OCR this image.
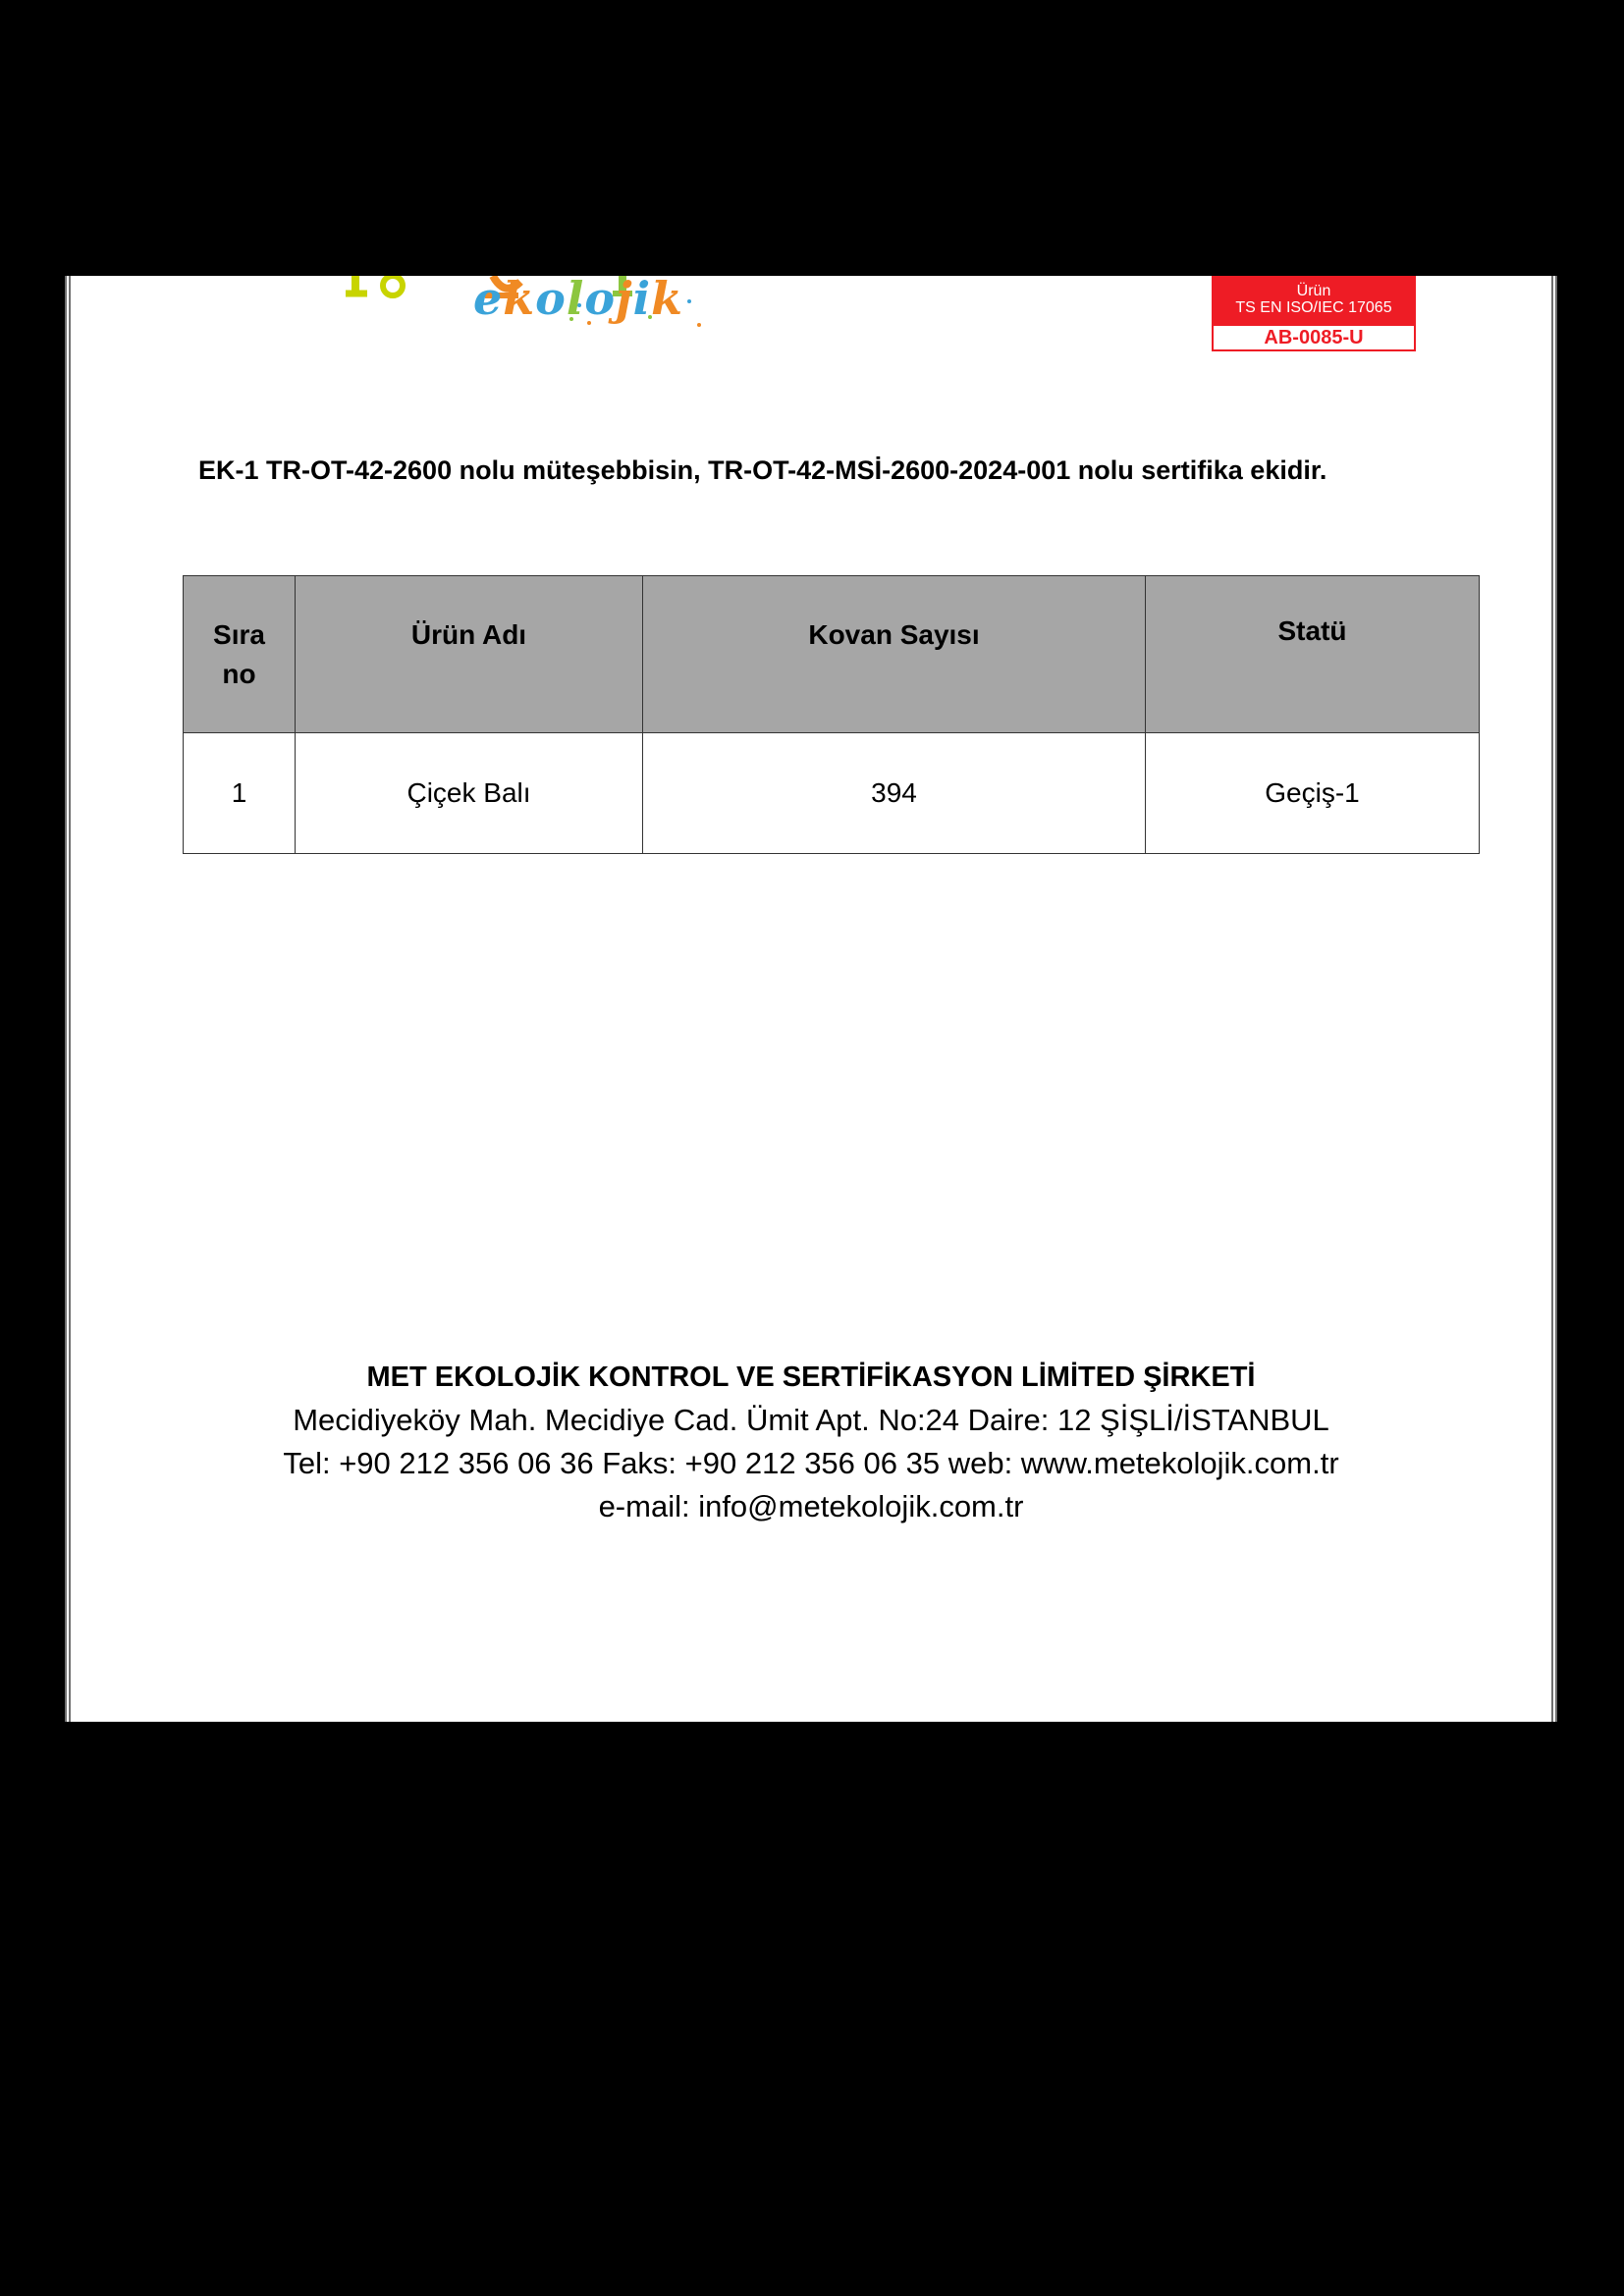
ekolojik	Ürün
TS EN ISO/IEC 17065
AB-0085-U

EK-1 TR-OT-42-2600 nolu müteşebbisin, TR-OT-42-MSİ-2600-2024-001 nolu sertifika ekidir.

Sıra no	Ürün Adı	Kovan Sayısı	Statü
1	Çiçek Balı	394	Geçiş-1

MET EKOLOJİK KONTROL VE SERTİFİKASYON LİMİTED ŞİRKETİ

Mecidiyeköy Mah. Mecidiye Cad. Ümit Apt. No:24 Daire: 12 ŞİŞLİ/İSTANBUL

Tel: +90 212 356 06 36 Faks: +90 212 356 06 35 web: www.metekolojik.com.tr

e-mail: info@metekolojik.com.tr
